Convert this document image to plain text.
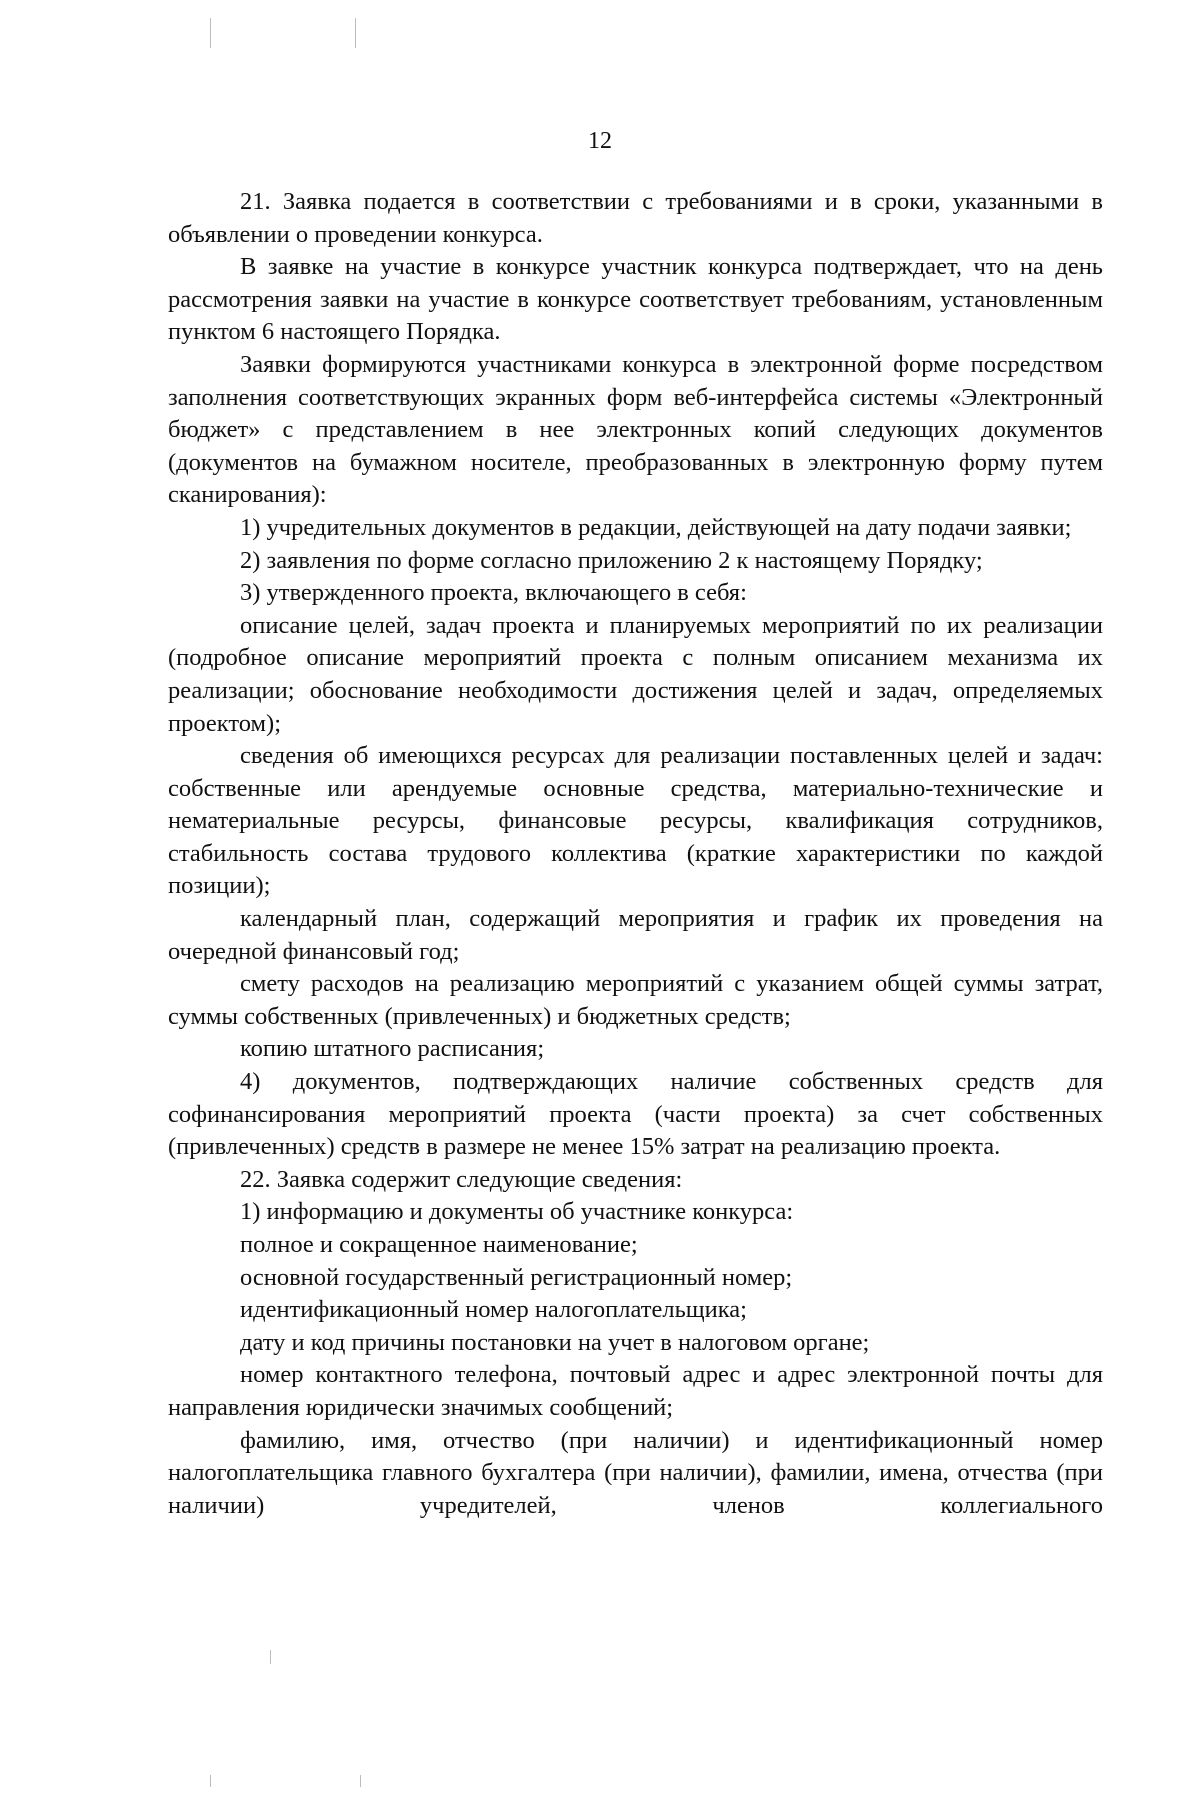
12

21. Заявка подается в соответствии с требованиями и в сроки, указанными в объявлении о проведении конкурса.

В заявке на участие в конкурсе участник конкурса подтверждает, что на день рассмотрения заявки на участие в конкурсе соответствует требованиям, установленным пунктом 6 настоящего Порядка.

Заявки формируются участниками конкурса в электронной форме посредством заполнения соответствующих экранных форм веб-интерфейса системы «Электронный бюджет» с представлением в нее электронных копий следующих документов (документов на бумажном носителе, преобразованных в электронную форму путем сканирования):

1) учредительных документов в редакции, действующей на дату подачи заявки;

2) заявления по форме согласно приложению 2 к настоящему Порядку;

3) утвержденного проекта, включающего в себя:

описание целей, задач проекта и планируемых мероприятий по их реализации (подробное описание мероприятий проекта с полным описанием механизма их реализации; обоснование необходимости достижения целей и задач, определяемых проектом);

сведения об имеющихся ресурсах для реализации поставленных целей и задач: собственные или арендуемые основные средства, материально-технические и нематериальные ресурсы, финансовые ресурсы, квалификация сотрудников, стабильность состава трудового коллектива (краткие характеристики по каждой позиции);

календарный план, содержащий мероприятия и график их проведения на очередной финансовый год;

смету расходов на реализацию мероприятий с указанием общей суммы затрат, суммы собственных (привлеченных) и бюджетных средств;

копию штатного расписания;

4) документов, подтверждающих наличие собственных средств для софинансирования мероприятий проекта (части проекта) за счет собственных (привлеченных) средств в размере не менее 15% затрат на реализацию проекта.

22. Заявка содержит следующие сведения:

1) информацию и документы об участнике конкурса:

полное и сокращенное наименование;

основной государственный регистрационный номер;

идентификационный номер налогоплательщика;

дату и код причины постановки на учет в налоговом органе;

номер контактного телефона, почтовый адрес и адрес электронной почты для направления юридически значимых сообщений;

фамилию, имя, отчество (при наличии) и идентификационный номер налогоплательщика главного бухгалтера (при наличии), фамилии, имена, отчества (при наличии) учредителей, членов коллегиального
